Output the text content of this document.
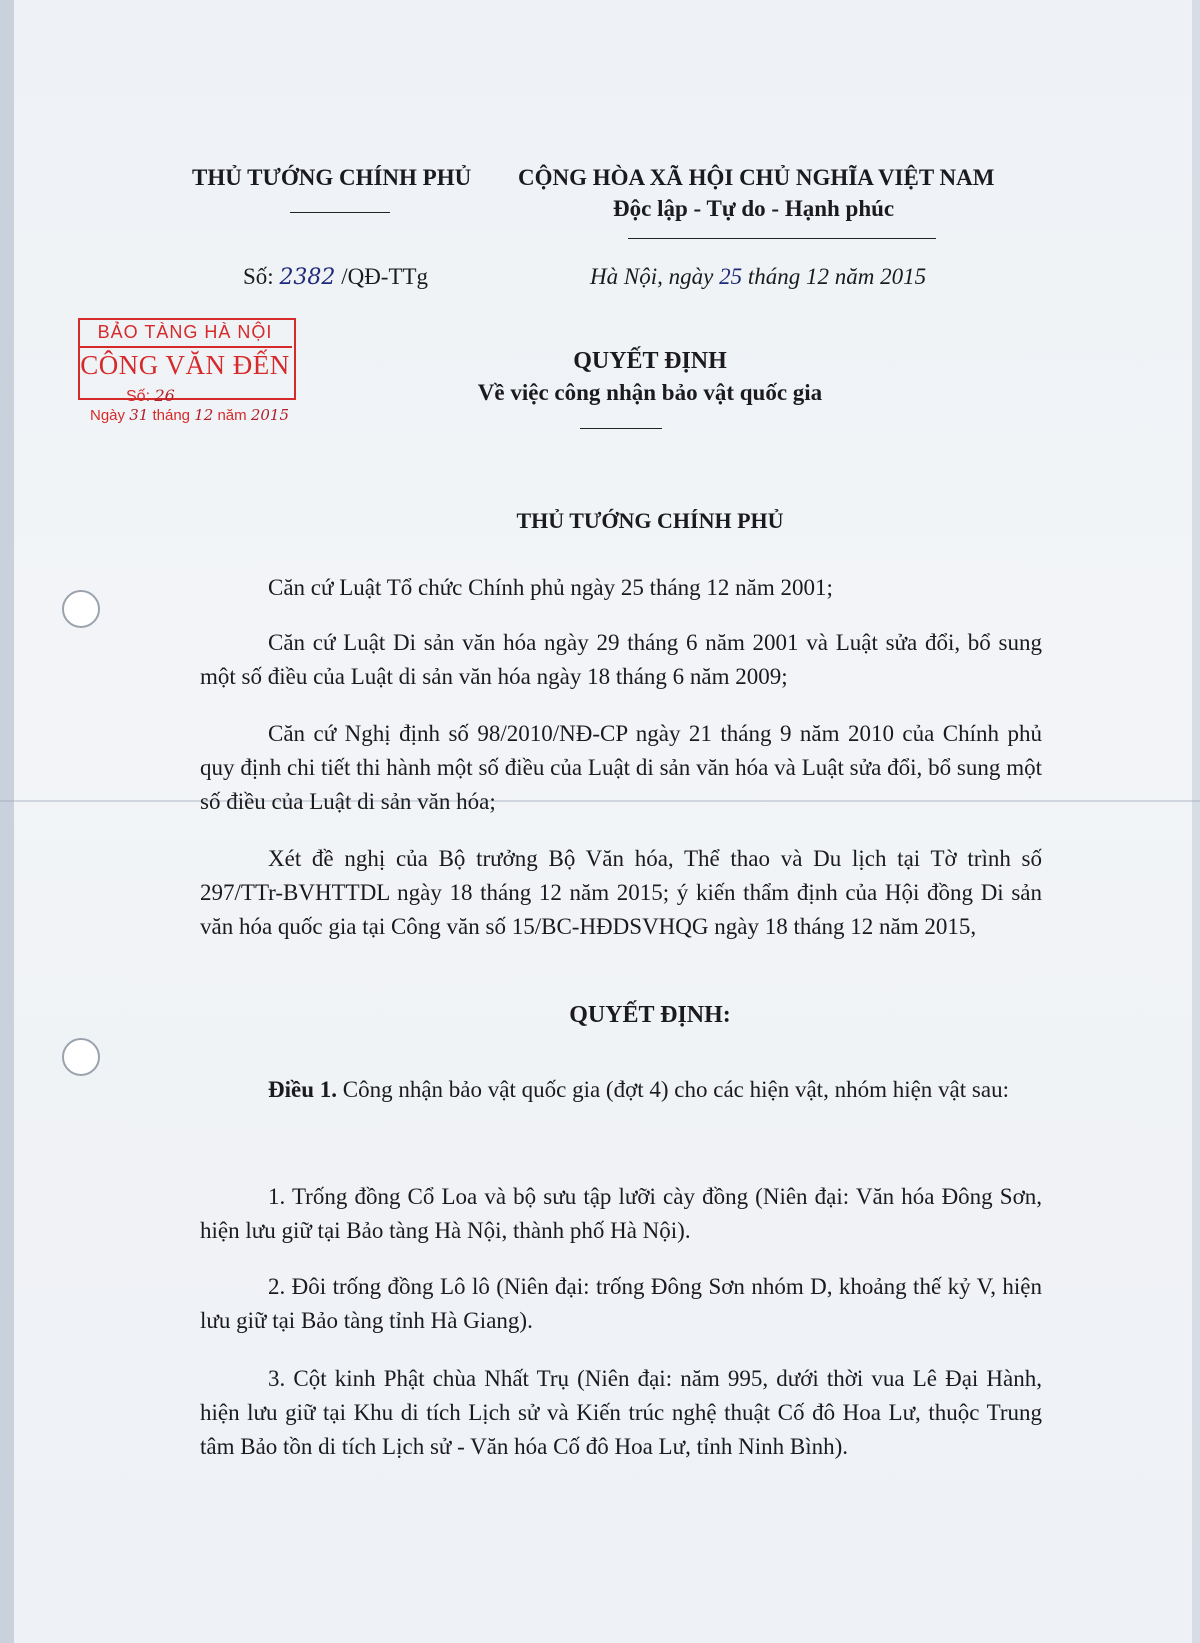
THỦ TƯỚNG CHÍNH PHỦ CỘNG HÒA XÃ HỘI CHỦ NGHĨA VIỆT NAM
Độc lập - Tự do - Hạnh phúc
Số: 2382 /QĐ-TTg	Hà Nội, ngày 25 tháng 12 năm 2015
BẢO TÀNG HÀ NỘI
CÔNG VĂN ĐẾN
Số: 26
Ngày 31 tháng 12 năm 2015
QUYẾT ĐỊNH
Về việc công nhận bảo vật quốc gia
THỦ TƯỚNG CHÍNH PHỦ

Căn cứ Luật Tổ chức Chính phủ ngày 25 tháng 12 năm 2001;

Căn cứ Luật Di sản văn hóa ngày 29 tháng 6 năm 2001 và Luật sửa đổi, bổ sung một số điều của Luật di sản văn hóa ngày 18 tháng 6 năm 2009;

Căn cứ Nghị định số 98/2010/NĐ-CP ngày 21 tháng 9 năm 2010 của Chính phủ quy định chi tiết thi hành một số điều của Luật di sản văn hóa và Luật sửa đổi, bổ sung một số điều của Luật di sản văn hóa;

Xét đề nghị của Bộ trưởng Bộ Văn hóa, Thể thao và Du lịch tại Tờ trình số 297/TTr-BVHTTDL ngày 18 tháng 12 năm 2015; ý kiến thẩm định của Hội đồng Di sản văn hóa quốc gia tại Công văn số 15/BC-HĐDSVHQG ngày 18 tháng 12 năm 2015,

QUYẾT ĐỊNH:

Điều 1. Công nhận bảo vật quốc gia (đợt 4) cho các hiện vật, nhóm hiện vật sau:

1. Trống đồng Cổ Loa và bộ sưu tập lưỡi cày đồng (Niên đại: Văn hóa Đông Sơn, hiện lưu giữ tại Bảo tàng Hà Nội, thành phố Hà Nội).

2. Đôi trống đồng Lô lô (Niên đại: trống Đông Sơn nhóm D, khoảng thế kỷ V, hiện lưu giữ tại Bảo tàng tỉnh Hà Giang).

3. Cột kinh Phật chùa Nhất Trụ (Niên đại: năm 995, dưới thời vua Lê Đại Hành, hiện lưu giữ tại Khu di tích Lịch sử và Kiến trúc nghệ thuật Cố đô Hoa Lư, thuộc Trung tâm Bảo tồn di tích Lịch sử - Văn hóa Cố đô Hoa Lư, tỉnh Ninh Bình).
